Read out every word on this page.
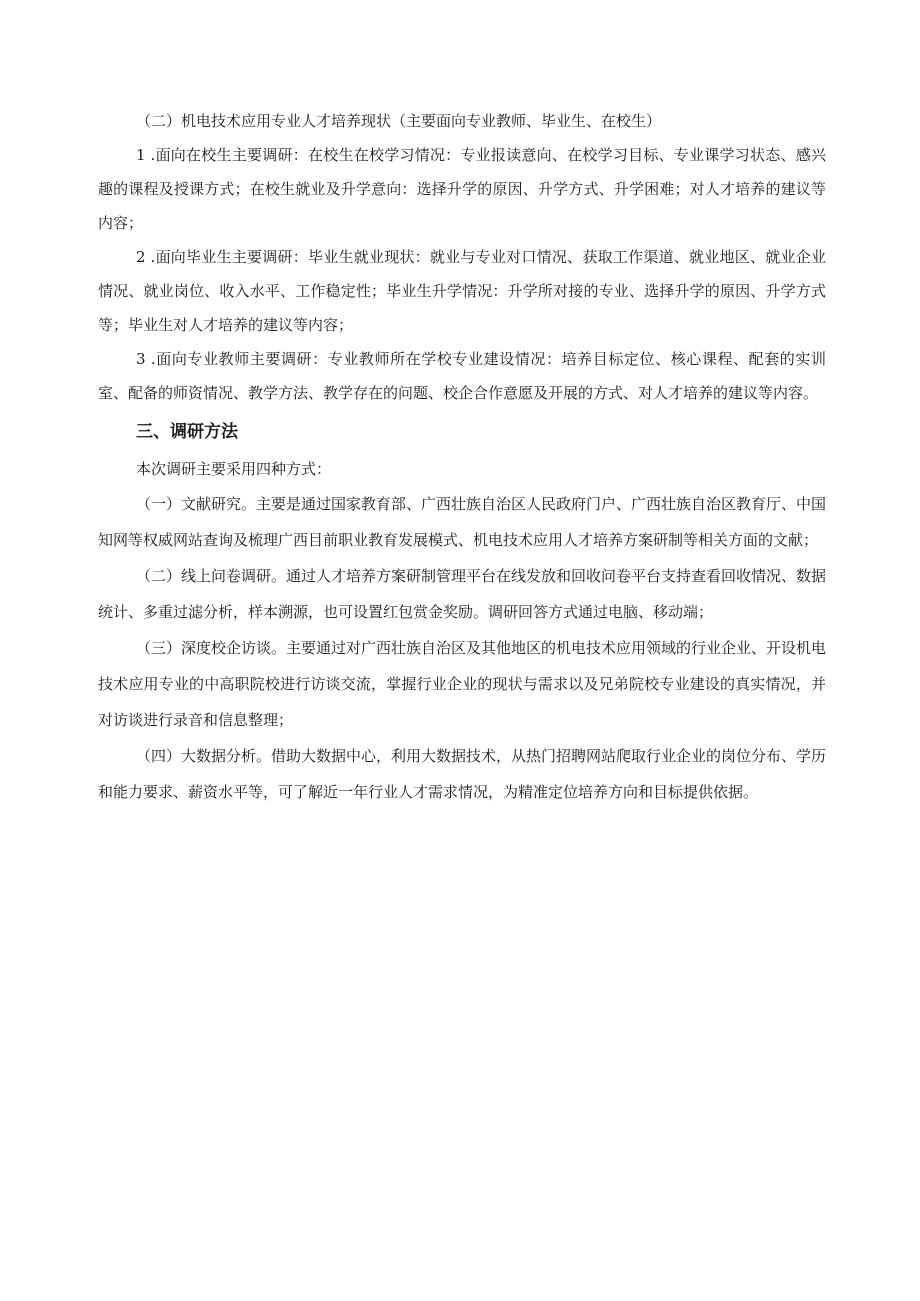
（二）机电技术应用专业人才培养现状（主要面向专业教师、毕业生、在校生）

1 .面向在校生主要调研：在校生在校学习情况：专业报读意向、在校学习目标、专业课学习状态、感兴趣的课程及授课方式；在校生就业及升学意向：选择升学的原因、升学方式、升学困难；对人才培养的建议等内容；

2 .面向毕业生主要调研：毕业生就业现状：就业与专业对口情况、获取工作渠道、就业地区、就业企业情况、就业岗位、收入水平、工作稳定性；毕业生升学情况：升学所对接的专业、选择升学的原因、升学方式等；毕业生对人才培养的建议等内容；

3 .面向专业教师主要调研：专业教师所在学校专业建设情况：培养目标定位、核心课程、配套的实训室、配备的师资情况、教学方法、教学存在的问题、校企合作意愿及开展的方式、对人才培养的建议等内容。

三、调研方法

本次调研主要采用四种方式：

（一）文献研究。主要是通过国家教育部、广西壮族自治区人民政府门户、广西壮族自治区教育厅、中国知网等权威网站查询及梳理广西目前职业教育发展模式、机电技术应用人才培养方案研制等相关方面的文献；

（二）线上问卷调研。通过人才培养方案研制管理平台在线发放和回收问卷平台支持查看回收情况、数据统计、多重过滤分析，样本溯源，也可设置红包赏金奖励。调研回答方式通过电脑、移动端；

（三）深度校企访谈。主要通过对广西壮族自治区及其他地区的机电技术应用领域的行业企业、开设机电技术应用专业的中高职院校进行访谈交流，掌握行业企业的现状与需求以及兄弟院校专业建设的真实情况，并对访谈进行录音和信息整理；

（四）大数据分析。借助大数据中心，利用大数据技术，从热门招聘网站爬取行业企业的岗位分布、学历和能力要求、薪资水平等，可了解近一年行业人才需求情况，为精准定位培养方向和目标提供依据。
